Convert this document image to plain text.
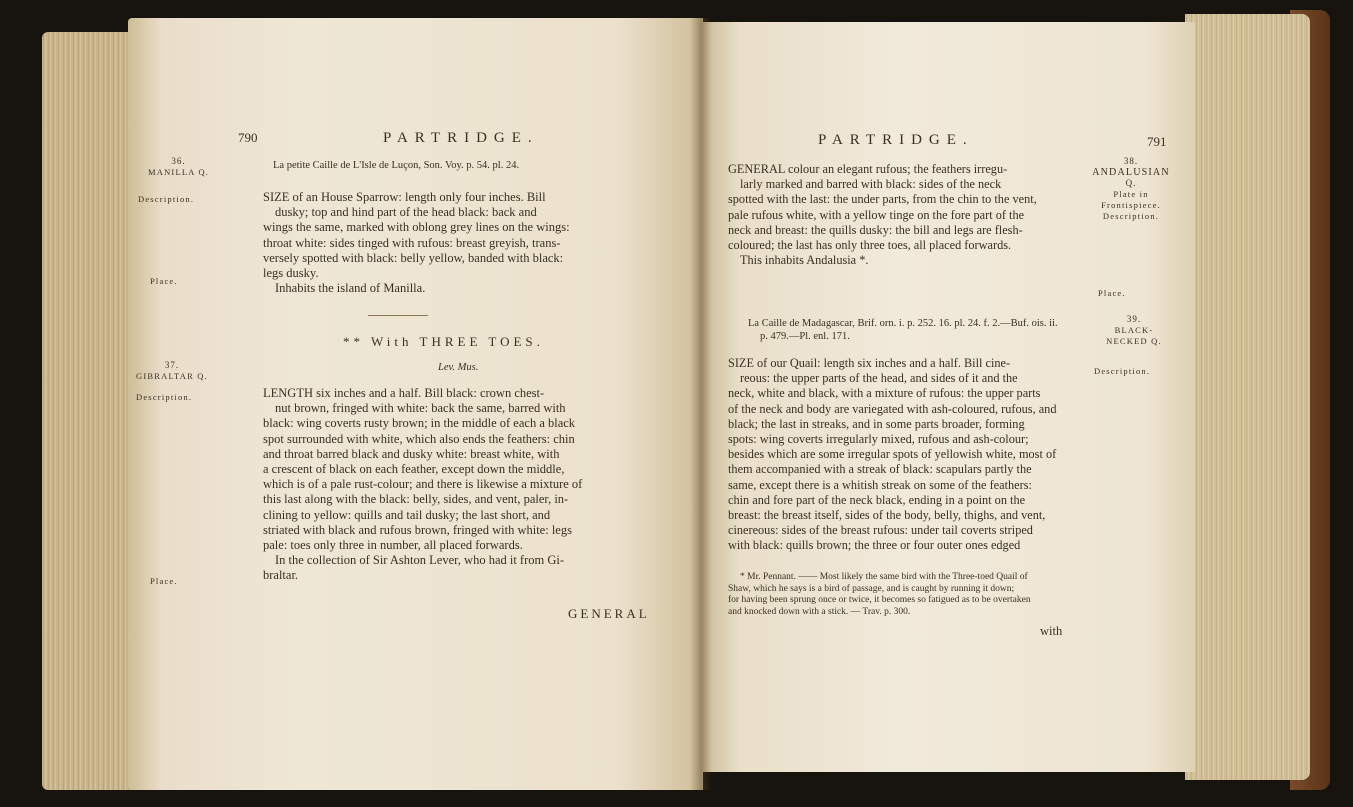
790	PARTRIDGE.
36.
MANILLA Q.
La petite Caille de L'Isle de Luçon, Son. Voy. p. 54. pl. 24.
Description.
Place.
SIZE of an House Sparrow: length only four inches. Bill
dusky; top and hind part of the head black: back and
wings the same, marked with oblong grey lines on the wings:
throat white: sides tinged with rufous: breast greyish, trans-
versely spotted with black: belly yellow, banded with black:
legs dusky.
Inhabits the island of Manilla.
** With THREE TOES.
37.
GIBRALTAR Q.
Lev. Mus.
Description.
Place.
LENGTH six inches and a half. Bill black: crown chest-
nut brown, fringed with white: back the same, barred with
black: wing coverts rusty brown; in the middle of each a black
spot surrounded with white, which also ends the feathers: chin
and throat barred black and dusky white: breast white, with
a crescent of black on each feather, except down the middle,
which is of a pale rust-colour; and there is likewise a mixture of
this last along with the black: belly, sides, and vent, paler, in-
clining to yellow: quills and tail dusky; the last short, and
striated with black and rufous brown, fringed with white: legs
pale: toes only three in number, all placed forwards.
In the collection of Sir Ashton Lever, who had it from Gi-
braltar.
GENERAL
PARTRIDGE.	791
38.
ANDALUSIAN
Q.
Plate in
Frontispiece.
Description.
Place.
GENERAL colour an elegant rufous; the feathers irregu-
larly marked and barred with black: sides of the neck
spotted with the last: the under parts, from the chin to the vent,
pale rufous white, with a yellow tinge on the fore part of the
neck and breast: the quills dusky: the bill and legs are flesh-
coloured; the last has only three toes, all placed forwards.
This inhabits Andalusia *.
39.
BLACK-
NECKED Q.
Description.
La Caille de Madagascar, Brif. orn. i. p. 252. 16. pl. 24. f. 2.—Buf. ois. ii.
p. 479.—Pl. enl. 171.
SIZE of our Quail: length six inches and a half. Bill cine-
reous: the upper parts of the head, and sides of it and the
neck, white and black, with a mixture of rufous: the upper parts
of the neck and body are variegated with ash-coloured, rufous, and
black; the last in streaks, and in some parts broader, forming
spots: wing coverts irregularly mixed, rufous and ash-colour;
besides which are some irregular spots of yellowish white, most of
them accompanied with a streak of black: scapulars partly the
same, except there is a whitish streak on some of the feathers:
chin and fore part of the neck black, ending in a point on the
breast: the breast itself, sides of the body, belly, thighs, and vent,
cinereous: sides of the breast rufous: under tail coverts striped
with black: quills brown; the three or four outer ones edged
* Mr. Pennant. —— Most likely the same bird with the Three-toed Quail of
Shaw, which he says is a bird of passage, and is caught by running it down;
for having been sprung once or twice, it becomes so fatigued as to be overtaken
and knocked down with a stick. — Trav. p. 300.
with
